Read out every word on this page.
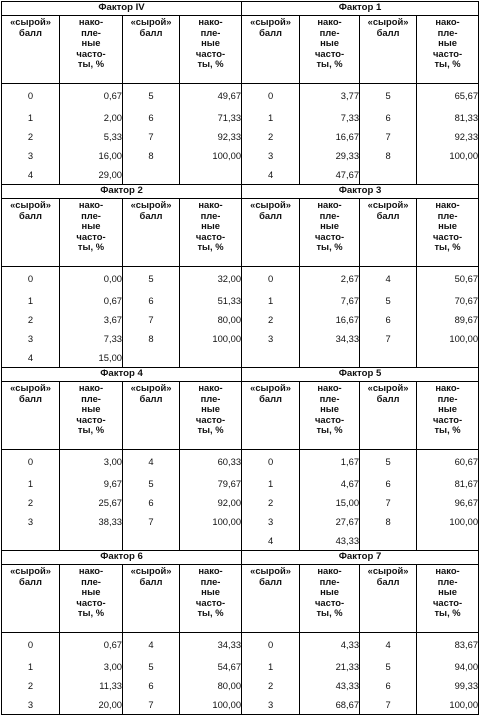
Фактор IV				Фактор 1			

«сырой» балл	нако-
пле-
ные
часто-
ты, %	«сырой» балл	нако-
пле-
ные
часто-
ты, %	«сырой» балл	нако-
пле-
ные
часто-
ты, %	«сырой» балл	нако-
пле-
ные
часто-
ты, %

0	0,67	5	49,67	0	3,77	5	65,67
1	2,00	6	71,33	1	7,33	6	81,33
2	5,33	7	92,33	2	16,67	7	92,33
3	16,00	8	100,00	3	29,33	8	100,00
4	29,00			4	47,67		
Фактор 2				Фактор 3			

«сырой» балл	нако-
пле-
ные
часто-
ты, %	«сырой» балл	нако-
пле-
ные
часто-
ты, %	«сырой» балл	нако-
пле-
ные
часто-
ты, %	«сырой» балл	нако-
пле-
ные
часто-
ты, %

0	0,00	5	32,00	0	2,67	4	50,67
1	0,67	6	51,33	1	7,67	5	70,67
2	3,67	7	80,00	2	16,67	6	89,67
3	7,33	8	100,00	3	34,33	7	100,00
4	15,00						
Фактор 4				Фактор 5			

«сырой» балл	нако-
пле-
ные
часто-
ты, %	«сырой» балл	нако-
пле-
ные
часто-
ты, %	«сырой» балл	нако-
пле-
ные
часто-
ты, %	«сырой» балл	нако-
пле-
ные
часто-
ты, %

0	3,00	4	60,33	0	1,67	5	60,67
1	9,67	5	79,67	1	4,67	6	81,67
2	25,67	6	92,00	2	15,00	7	96,67
3	38,33	7	100,00	3	27,67	8	100,00
				4	43,33		
Фактор 6				Фактор 7			

«сырой» балл	нако-
пле-
ные
часто-
ты, %	«сырой» балл	нако-
пле-
ные
часто-
ты, %	«сырой» балл	нако-
пле-
ные
часто-
ты, %	«сырой» балл	нако-
пле-
ные
часто-
ты, %

0	0,67	4	34,33	0	4,33	4	83,67
1	3,00	5	54,67	1	21,33	5	94,00
2	11,33	6	80,00	2	43,33	6	99,33
3	20,00	7	100,00	3	68,67	7	100,00
